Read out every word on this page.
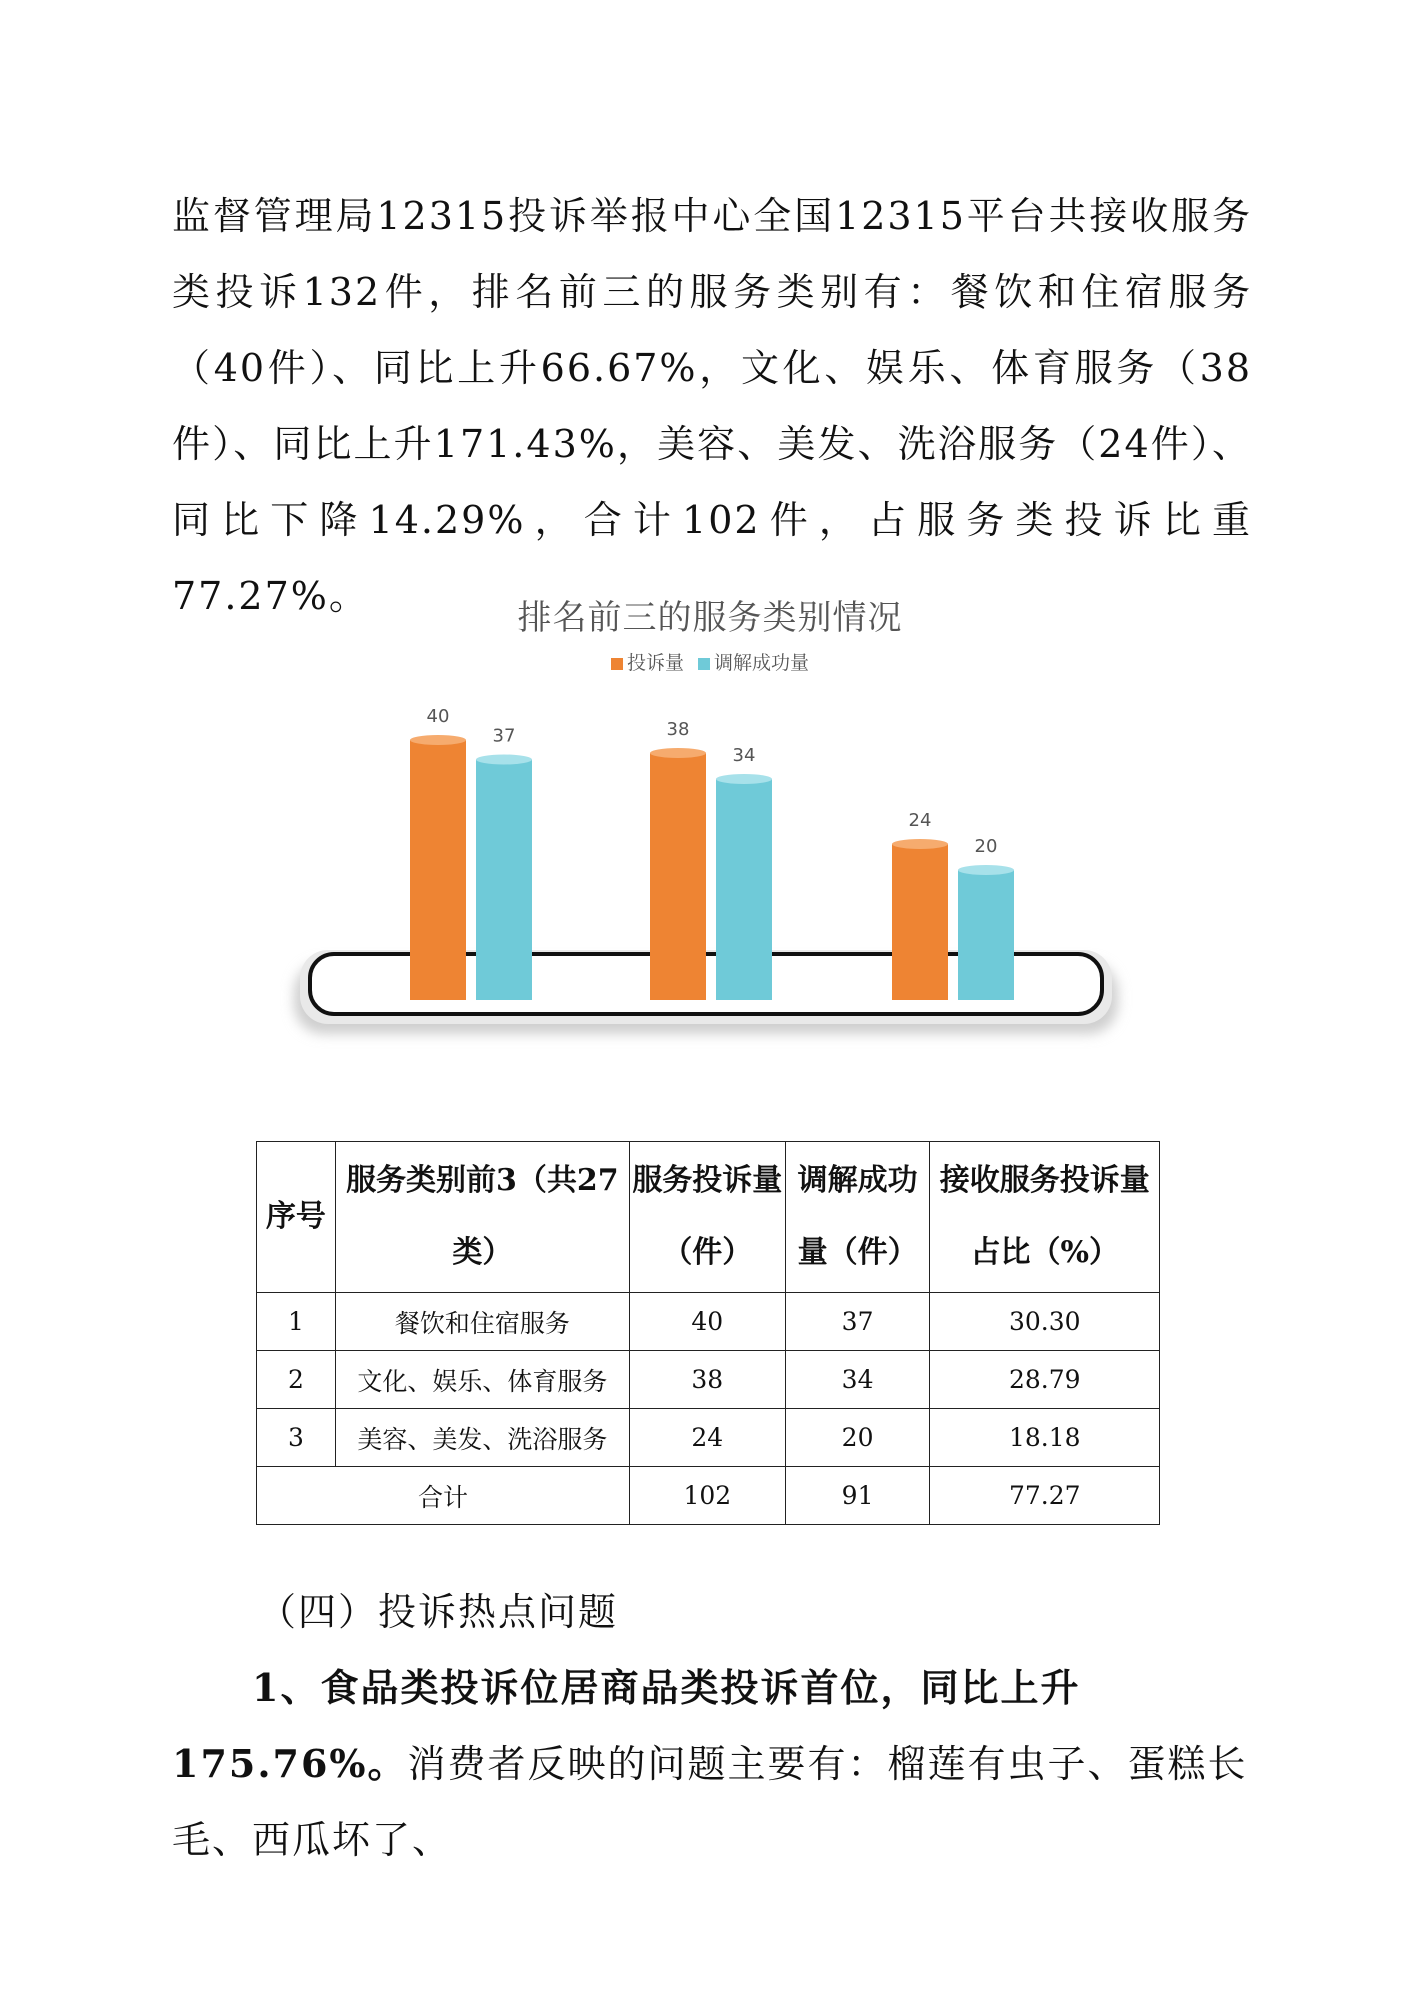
监督管理局12315投诉举报中心全国12315平台共接收服务类投诉132件，排名前三的服务类别有：餐饮和住宿服务（40件）、同比上升66.67%，文化、娱乐、体育服务（38件）、同比上升171.43%，美容、美发、洗浴服务（24件）、同比下降14.29%，合计102件，占服务类投诉比重77.27%。	排名前三的服务类别情况
投诉量 调解成功量
40
38
24
37
34
20
序号	服务类别前3（共27类）	服务投诉量（件）	调解成功量（件）	接收服务投诉量占比（%）
1	餐饮和住宿服务	40	37	30.30
2	文化、娱乐、体育服务	38	34	28.79
3	美容、美发、洗浴服务	24	20	18.18
合计		102	91	77.27

（四）投诉热点问题

1、食品类投诉位居商品类投诉首位，同比上升175.76%。消费者反映的问题主要有：榴莲有虫子、蛋糕长毛、西瓜坏了、
